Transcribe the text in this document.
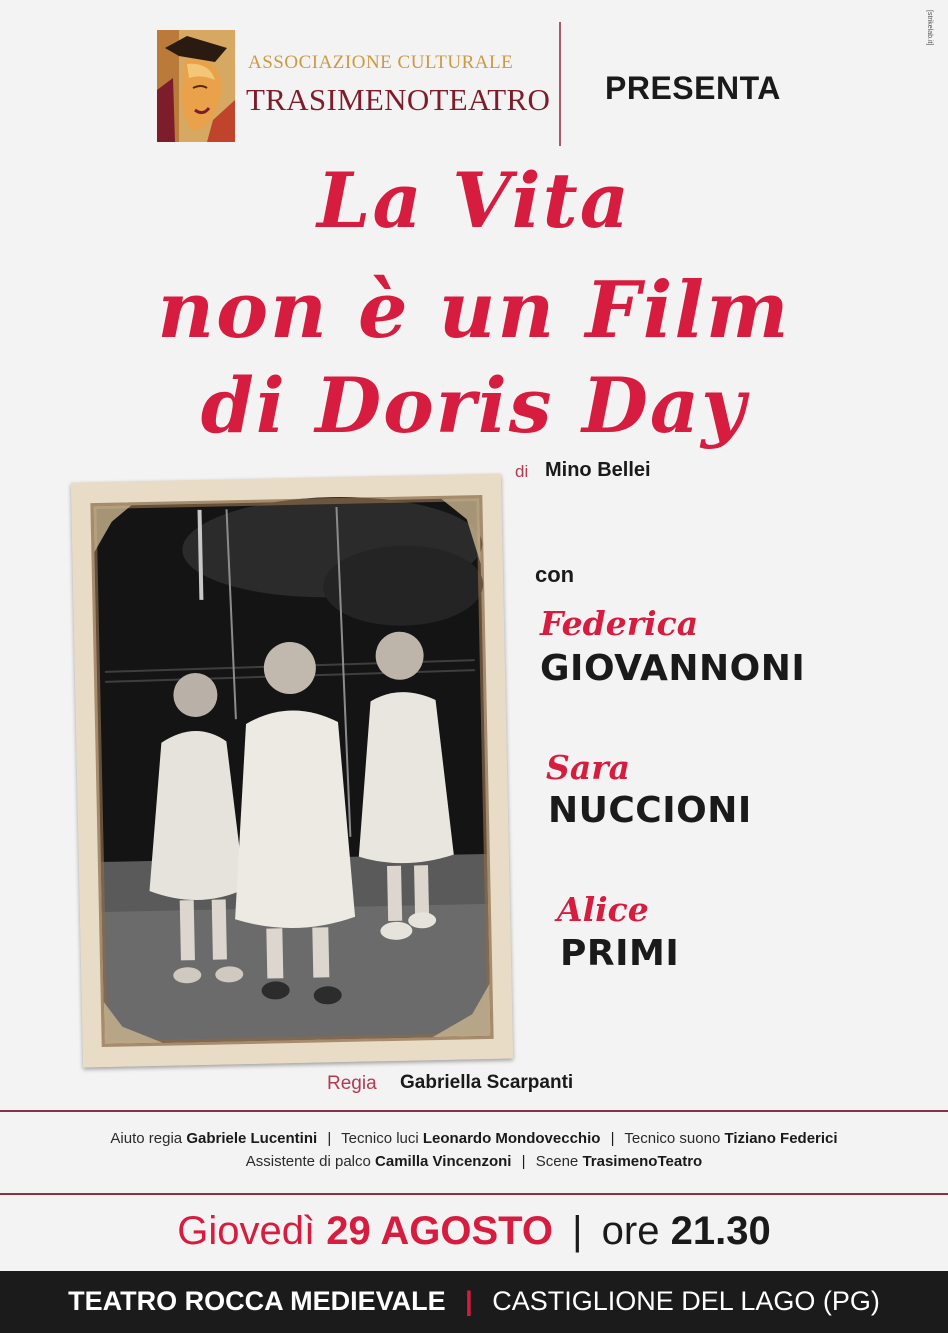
ASSOCIAZIONE CULTURALE
TRASIMENOTEATRO PRESENTA
[strikelab.it]
La Vita
non è un Film
di Doris Day
di Mino Bellei
con
Federica
GIOVANNONI
Sara
NUCCIONI
Alice
PRIMI
Regia Gabriella Scarpanti
Aiuto regia Gabriele Lucentini | Tecnico luci Leonardo Mondovecchio | Tecnico suono Tiziano Federici
Assistente di palco Camilla Vincenzoni | Scene TrasimenoTeatro
Giovedì 29 AGOSTO | ore 21.30
TEATRO ROCCA MEDIEVALE | CASTIGLIONE DEL LAGO (PG)
